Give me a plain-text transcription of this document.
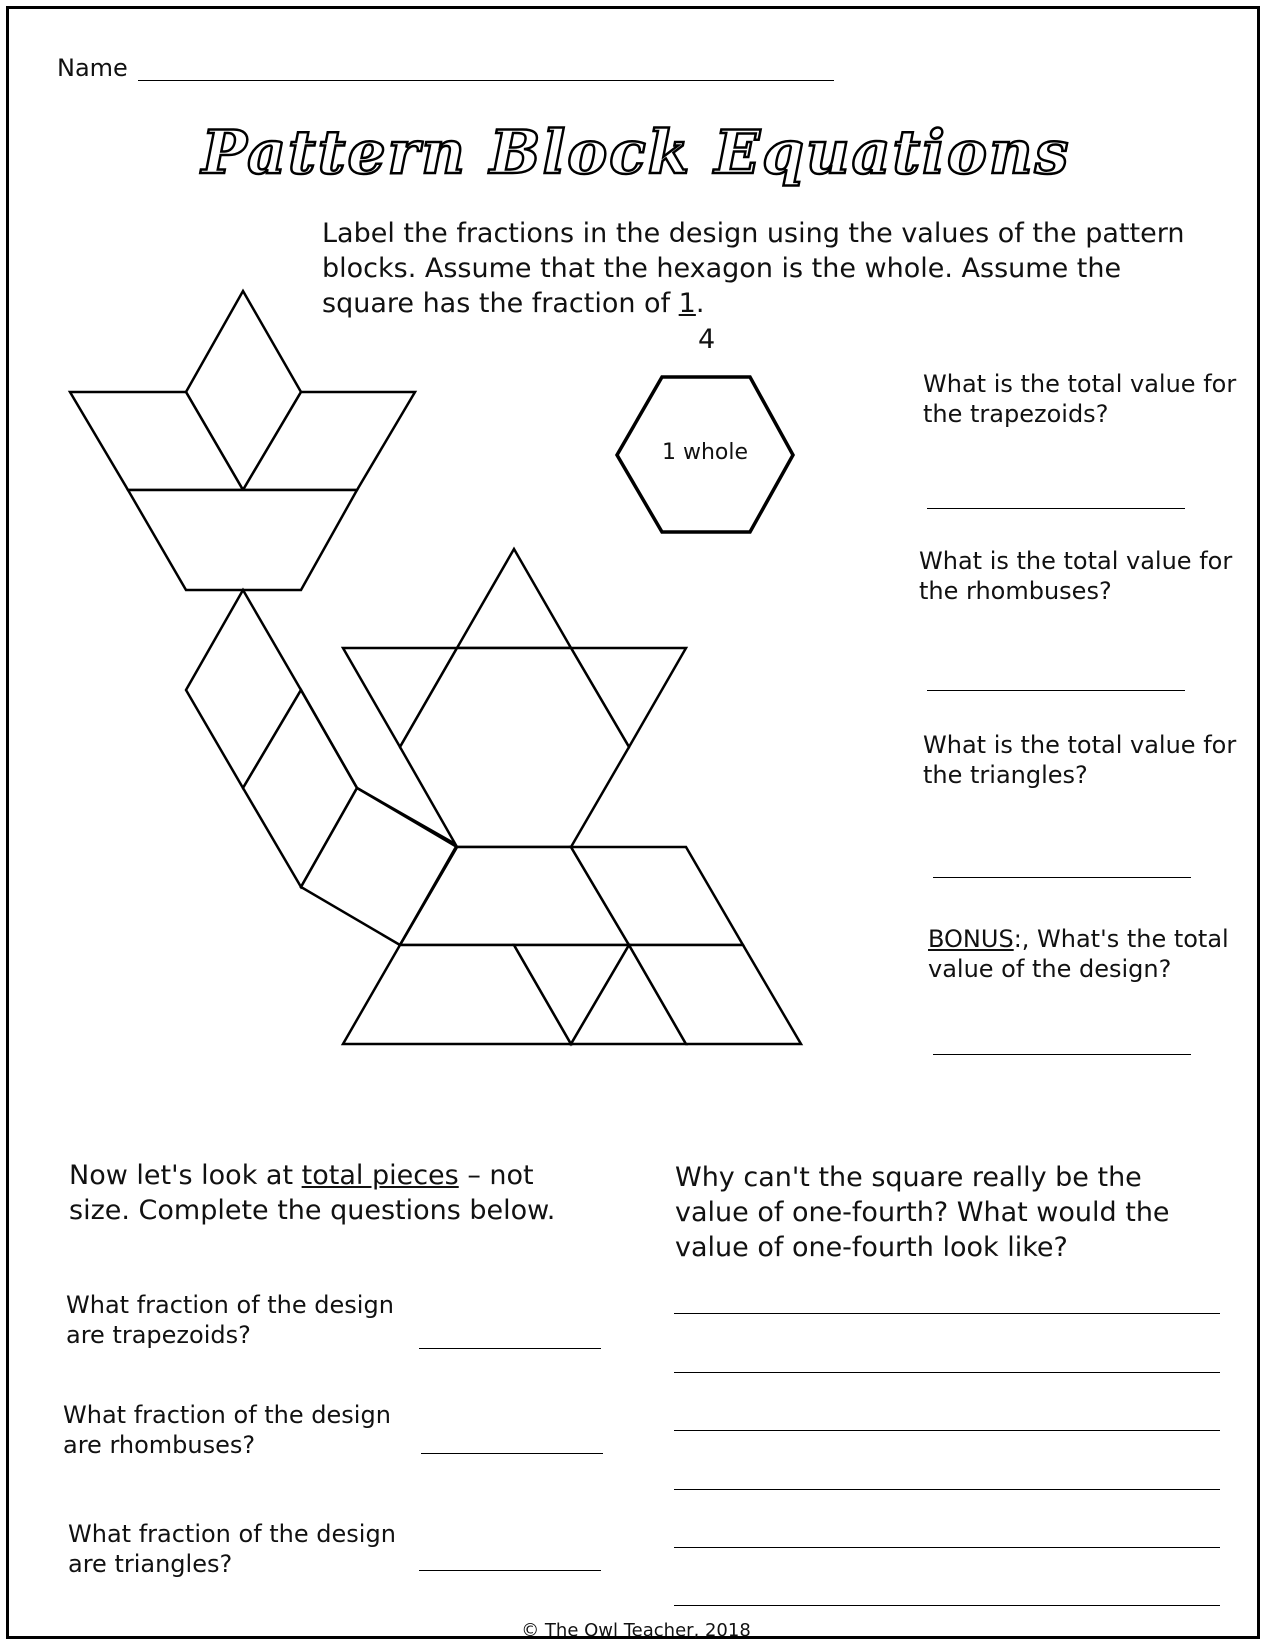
Name
Pattern Block Equations
Label the fractions in the design using the values of the pattern
blocks. Assume that the hexagon is the whole. Assume the
square has the fraction of 1.
4
1 whole
What is the total value for
the trapezoids?
What is the total value for
the rhombuses?
What is the total value for
the triangles?
BONUS:, What's the total
value of the design?
Now let's look at total pieces – not
size. Complete the questions below.
What fraction of the design
are trapezoids?
What fraction of the design
are rhombuses?
What fraction of the design
are triangles?
Why can't the square really be the
value of one-fourth? What would the
value of one-fourth look like?
© The Owl Teacher, 2018
